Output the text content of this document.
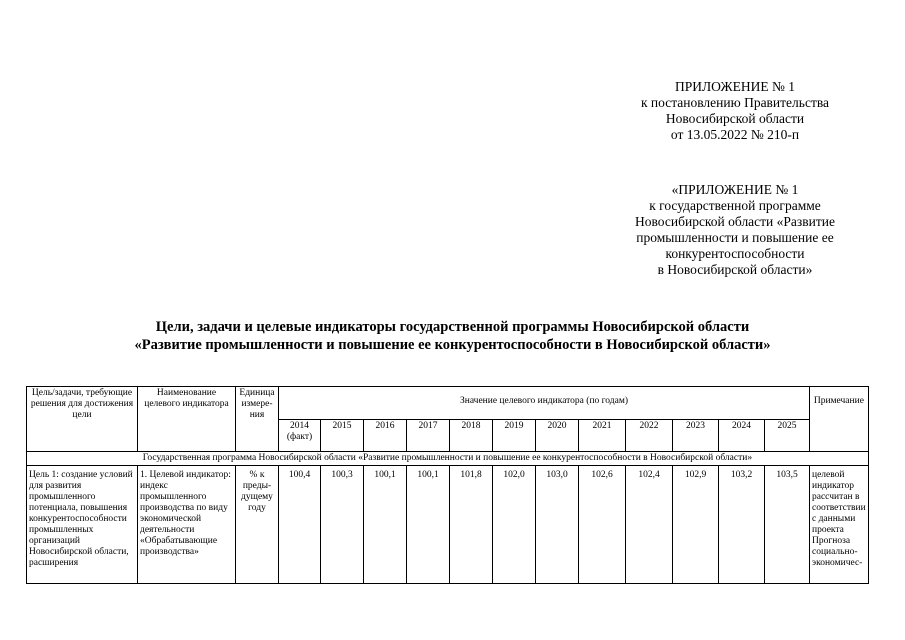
ПРИЛОЖЕНИЕ № 1
к постановлению Правительства
Новосибирской области
от 13.05.2022 № 210-п
«ПРИЛОЖЕНИЕ № 1
к государственной программе
Новосибирской области «Развитие
промышленности и повышение ее
конкурентоспособности
в Новосибирской области»
Цели, задачи и целевые индикаторы государственной программы Новосибирской области
«Развитие промышленности и повышение ее конкурентоспособности в Новосибирской области»
Цель/задачи, требующие решения для достижения цели	Наименование целевого индикатора	Единица измере-ния	Значение целевого индикатора (по годам)												Примечание
			2014 (факт)	2015	2016	2017	2018	2019	2020	2021	2022	2023	2024	2025	
Государственная программа Новосибирской области «Развитие промышленности и повышение ее конкурентоспособности в Новосибирской области»															
Цель 1: создание условий для развития промышленного потенциала, повышения конкурентоспособности промышленных организаций Новосибирской области, расширения	1. Целевой индикатор: индекс промышленного производства по виду экономической деятельности «Обрабатывающие производства»	% к преды-дущему году	100,4	100,3	100,1	100,1	101,8	102,0	103,0	102,6	102,4	102,9	103,2	103,5	целевой индикатор рассчитан в соответствии с данными проекта Прогноза социально-экономичес-
